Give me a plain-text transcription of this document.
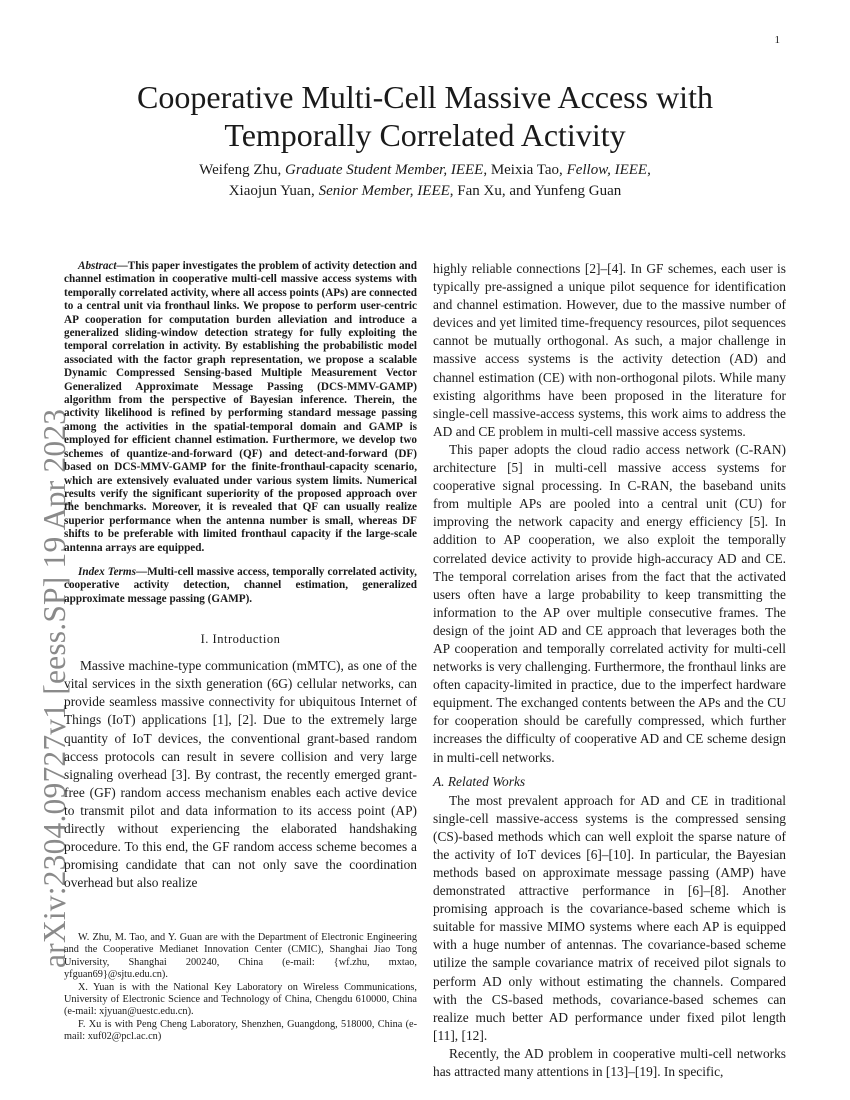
1
arXiv:2304.09727v1 [eess.SP] 19 Apr 2023
Cooperative Multi-Cell Massive Access with Temporally Correlated Activity
Weifeng Zhu, Graduate Student Member, IEEE, Meixia Tao, Fellow, IEEE,
Xiaojun Yuan, Senior Member, IEEE, Fan Xu, and Yunfeng Guan

Abstract—This paper investigates the problem of activity detection and channel estimation in cooperative multi-cell massive access systems with temporally correlated activity, where all access points (APs) are connected to a central unit via fronthaul links. We propose to perform user-centric AP cooperation for computation burden alleviation and introduce a generalized sliding-window detection strategy for fully exploiting the temporal correlation in activity. By establishing the probabilistic model associated with the factor graph representation, we propose a scalable Dynamic Compressed Sensing-based Multiple Measurement Vector Generalized Approximate Message Passing (DCS-MMV-GAMP) algorithm from the perspective of Bayesian inference. Therein, the activity likelihood is refined by performing standard message passing among the activities in the spatial-temporal domain and GAMP is employed for efficient channel estimation. Furthermore, we develop two schemes of quantize-and-forward (QF) and detect-and-forward (DF) based on DCS-MMV-GAMP for the finite-fronthaul-capacity scenario, which are extensively evaluated under various system limits. Numerical results verify the significant superiority of the proposed approach over the benchmarks. Moreover, it is revealed that QF can usually realize superior performance when the antenna number is small, whereas DF shifts to be preferable with limited fronthaul capacity if the large-scale antenna arrays are equipped.

Index Terms—Multi-cell massive access, temporally correlated activity, cooperative activity detection, channel estimation, generalized approximate message passing (GAMP).

I. Introduction

Massive machine-type communication (mMTC), as one of the vital services in the sixth generation (6G) cellular networks, can provide seamless massive connectivity for ubiquitous Internet of Things (IoT) applications [1], [2]. Due to the extremely large quantity of IoT devices, the conventional grant-based random access protocols can result in severe collision and very large signaling overhead [3]. By contrast, the recently emerged grant-free (GF) random access mechanism enables each active device to transmit pilot and data information to its access point (AP) directly without experiencing the elaborated handshaking procedure. To this end, the GF random access scheme becomes a promising candidate that can not only save the coordination overhead but also realize

highly reliable connections [2]–[4]. In GF schemes, each user is typically pre-assigned a unique pilot sequence for identification and channel estimation. However, due to the massive number of devices and yet limited time-frequency resources, pilot sequences cannot be mutually orthogonal. As such, a major challenge in massive access systems is the activity detection (AD) and channel estimation (CE) with non-orthogonal pilots. While many existing algorithms have been proposed in the literature for single-cell massive-access systems, this work aims to address the AD and CE problem in multi-cell massive access systems.

This paper adopts the cloud radio access network (C-RAN) architecture [5] in multi-cell massive access systems for cooperative signal processing. In C-RAN, the baseband units from multiple APs are pooled into a central unit (CU) for improving the network capacity and energy efficiency [5]. In addition to AP cooperation, we also exploit the temporally correlated device activity to provide high-accuracy AD and CE. The temporal correlation arises from the fact that the activated users often have a large probability to keep transmitting the information to the AP over multiple consecutive frames. The design of the joint AD and CE approach that leverages both the AP cooperation and temporally correlated activity for multi-cell networks is very challenging. Furthermore, the fronthaul links are often capacity-limited in practice, due to the imperfect hardware equipment. The exchanged contents between the APs and the CU for cooperation should be carefully compressed, which further increases the difficulty of cooperative AD and CE scheme design in multi-cell networks.

A. Related Works

The most prevalent approach for AD and CE in traditional single-cell massive-access systems is the compressed sensing (CS)-based methods which can well exploit the sparse nature of the activity of IoT devices [6]–[10]. In particular, the Bayesian methods based on approximate message passing (AMP) have demonstrated attractive performance in [6]–[8]. Another promising approach is the covariance-based scheme which is suitable for massive MIMO systems where each AP is equipped with a huge number of antennas. The covariance-based scheme utilize the sample covariance matrix of received pilot signals to perform AD only without estimating the channels. Compared with the CS-based methods, covariance-based schemes can realize much better AD performance under fixed pilot length [11], [12].

Recently, the AD problem in cooperative multi-cell networks has attracted many attentions in [13]–[19]. In specific,

W. Zhu, M. Tao, and Y. Guan are with the Department of Electronic Engineering and the Cooperative Medianet Innovation Center (CMIC), Shanghai Jiao Tong University, Shanghai 200240, China (e-mail: {wf.zhu, mxtao, yfguan69}@sjtu.edu.cn).

X. Yuan is with the National Key Laboratory on Wireless Communications, University of Electronic Science and Technology of China, Chengdu 610000, China (e-mail: xjyuan@uestc.edu.cn).

F. Xu is with Peng Cheng Laboratory, Shenzhen, Guangdong, 518000, China (e-mail: xuf02@pcl.ac.cn)
